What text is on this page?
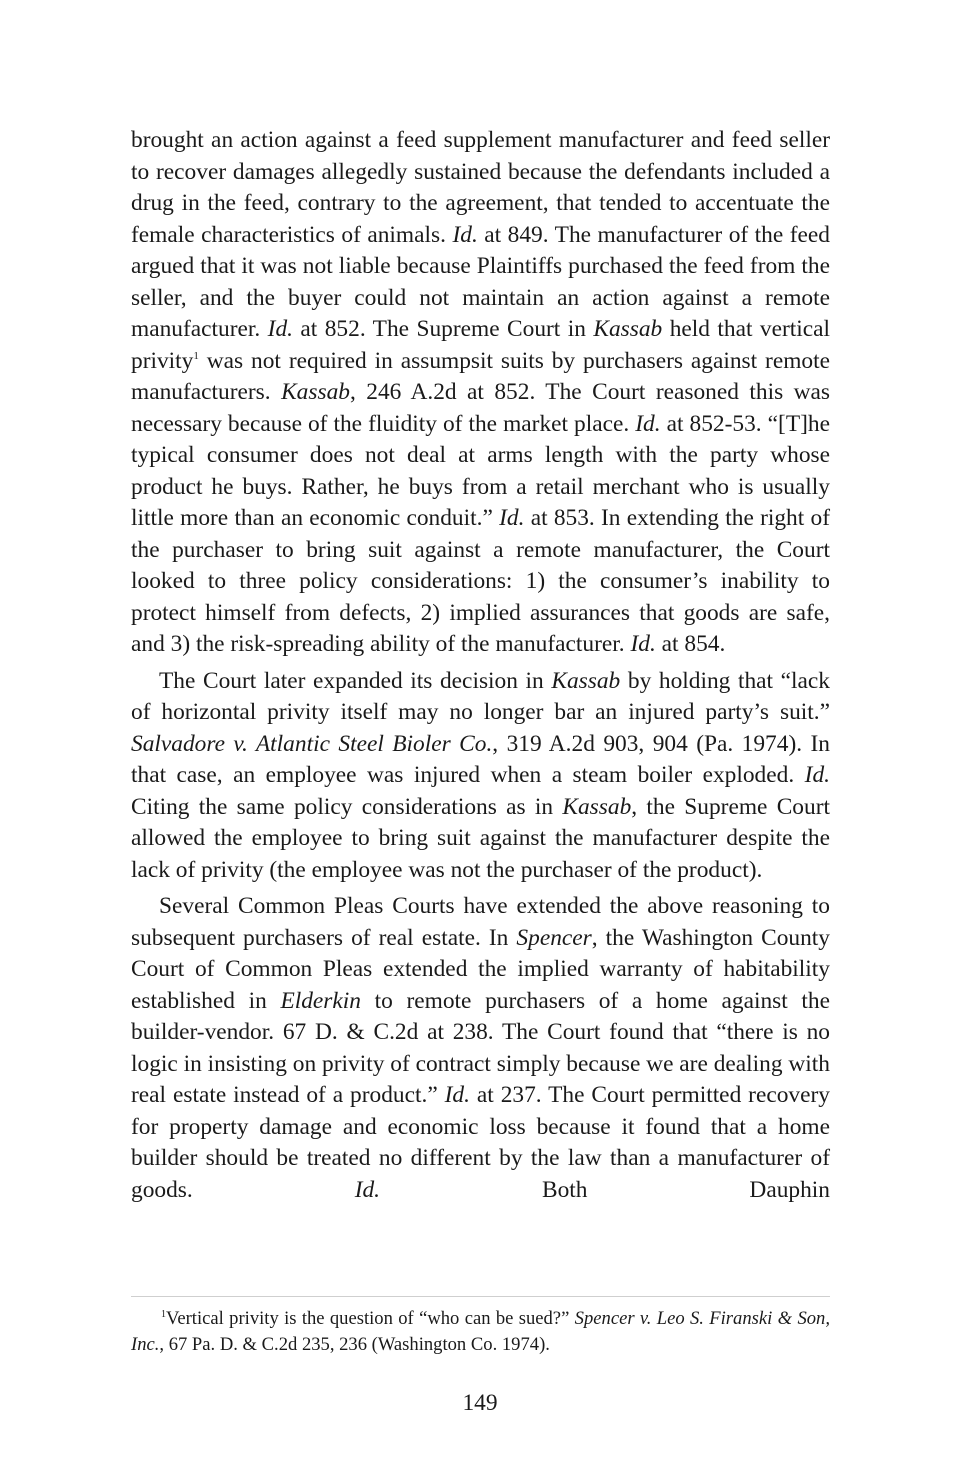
brought an action against a feed supplement manufacturer and feed seller to recover damages allegedly sustained because the defendants included a drug in the feed, contrary to the agreement, that tended to accentuate the female characteristics of animals. Id. at 849. The manufacturer of the feed argued that it was not liable because Plaintiffs purchased the feed from the seller, and the buyer could not maintain an action against a remote manufacturer. Id. at 852. The Supreme Court in Kassab held that vertical privity$^1$ was not required in assumpsit suits by purchasers against remote manufacturers. Kassab, 246 A.2d at 852. The Court reasoned this was necessary because of the fluidity of the market place. Id. at 852-53. “[T]he typical consumer does not deal at arms length with the party whose product he buys. Rather, he buys from a retail merchant who is usually little more than an economic conduit.” Id. at 853. In extending the right of the purchaser to bring suit against a remote manufacturer, the Court looked to three policy considerations: 1) the consumer’s inability to protect himself from defects, 2) implied assurances that goods are safe, and 3) the risk-spreading ability of the manufacturer. Id. at 854.

The Court later expanded its decision in Kassab by holding that “lack of horizontal privity itself may no longer bar an injured party’s suit.” Salvadore v. Atlantic Steel Bioler Co., 319 A.2d 903, 904 (Pa. 1974). In that case, an employee was injured when a steam boiler exploded. Id. Citing the same policy considerations as in Kassab, the Supreme Court allowed the employee to bring suit against the manufacturer despite the lack of privity (the employee was not the purchaser of the product).

Several Common Pleas Courts have extended the above reasoning to subsequent purchasers of real estate. In Spencer, the Washington County Court of Common Pleas extended the implied warranty of habitability established in Elderkin to remote purchasers of a home against the builder-vendor. 67 D. & C.2d at 238. The Court found that “there is no logic in insisting on privity of contract simply because we are dealing with real estate instead of a product.” Id. at 237. The Court permitted recovery for property damage and economic loss because it found that a home builder should be treated no different by the law than a manufacturer of goods. Id. Both Dauphin

$^1$Vertical privity is the question of “who can be sued?” Spencer v. Leo S. Firanski & Son, Inc., 67 Pa. D. & C.2d 235, 236 (Washington Co. 1974).

149
